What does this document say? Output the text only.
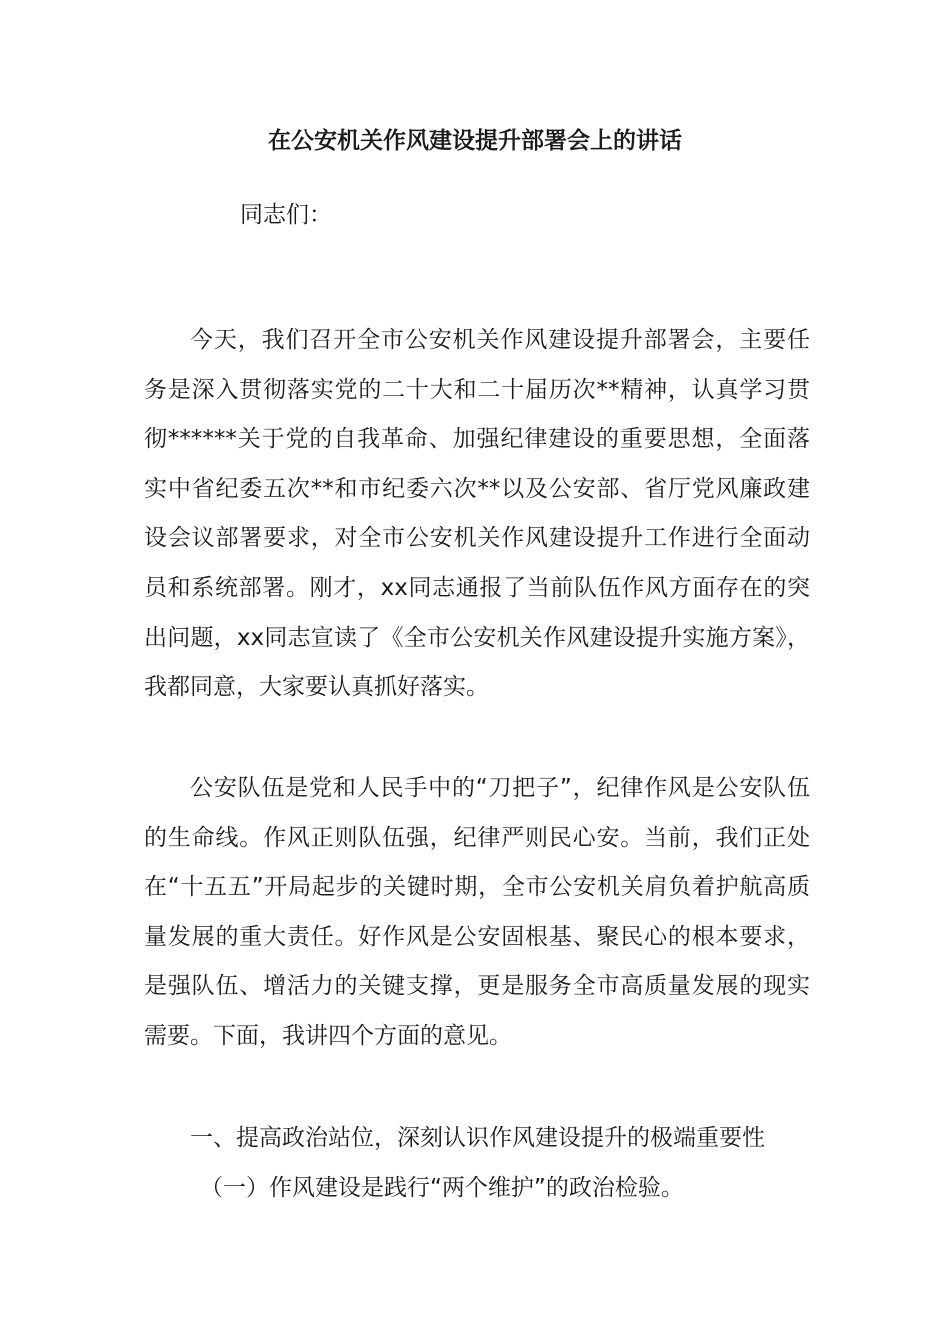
在公安机关作风建设提升部署会上的讲话

同志们：

今天，我们召开全市公安机关作风建设提升部署会，主要任务是深入贯彻落实党的二十大和二十届历次**精神，认真学习贯彻******关于党的自我革命、加强纪律建设的重要思想，全面落实中省纪委五次**和市纪委六次**以及公安部、省厅党风廉政建设会议部署要求，对全市公安机关作风建设提升工作进行全面动员和系统部署。刚才，xx同志通报了当前队伍作风方面存在的突出问题，xx同志宣读了《全市公安机关作风建设提升实施方案》，我都同意，大家要认真抓好落实。

公安队伍是党和人民手中的“刀把子”，纪律作风是公安队伍的生命线。作风正则队伍强，纪律严则民心安。当前，我们正处在“十五五”开局起步的关键时期，全市公安机关肩负着护航高质量发展的重大责任。好作风是公安固根基、聚民心的根本要求，是强队伍、增活力的关键支撑，更是服务全市高质量发展的现实需要。下面，我讲四个方面的意见。

一、提高政治站位，深刻认识作风建设提升的极端重要性

（一）作风建设是践行“两个维护”的政治检验。
